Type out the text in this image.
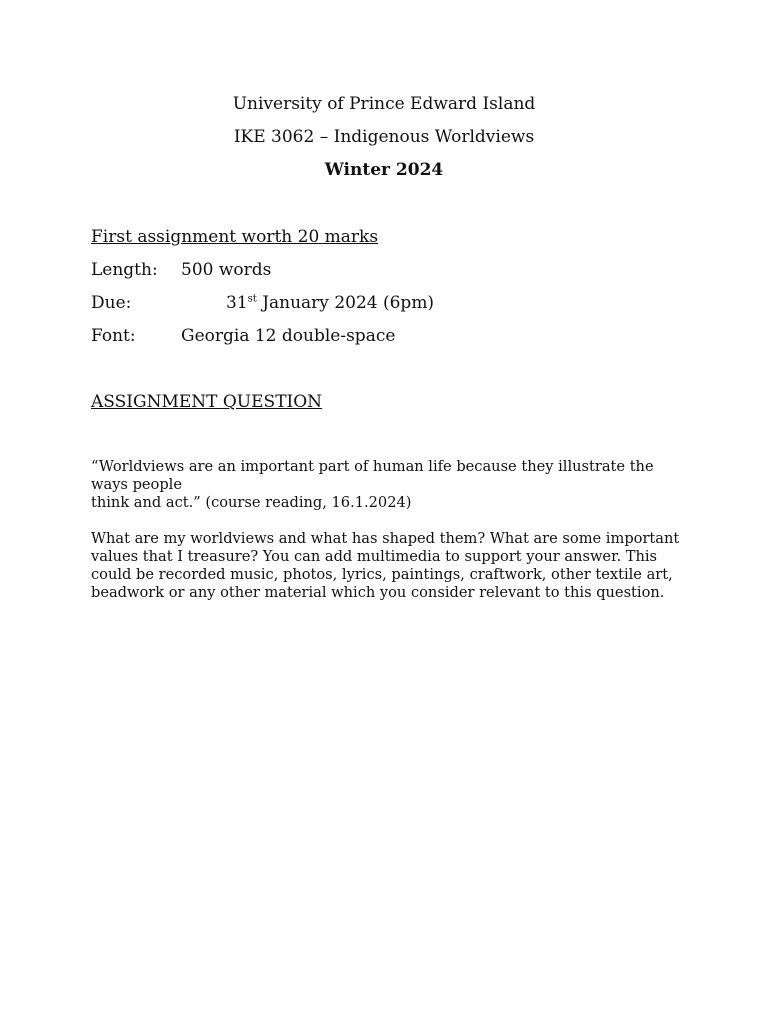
University of Prince Edward Island
IKE 3062 – Indigenous Worldviews
Winter 2024
First assignment worth 20 marks
Length: 500 words
Due:	31st January 2024 (6pm)
Font:	Georgia 12 double-space
ASSIGNMENT QUESTION

“Worldviews are an important part of human life because they illustrate the ways people

think and act.” (course reading, 16.1.2024)

What are my worldviews and what has shaped them? What are some important values that I treasure? You can add multimedia to support your answer. This could be recorded music, photos, lyrics, paintings, craftwork, other textile art, beadwork or any other material which you consider relevant to this question.
